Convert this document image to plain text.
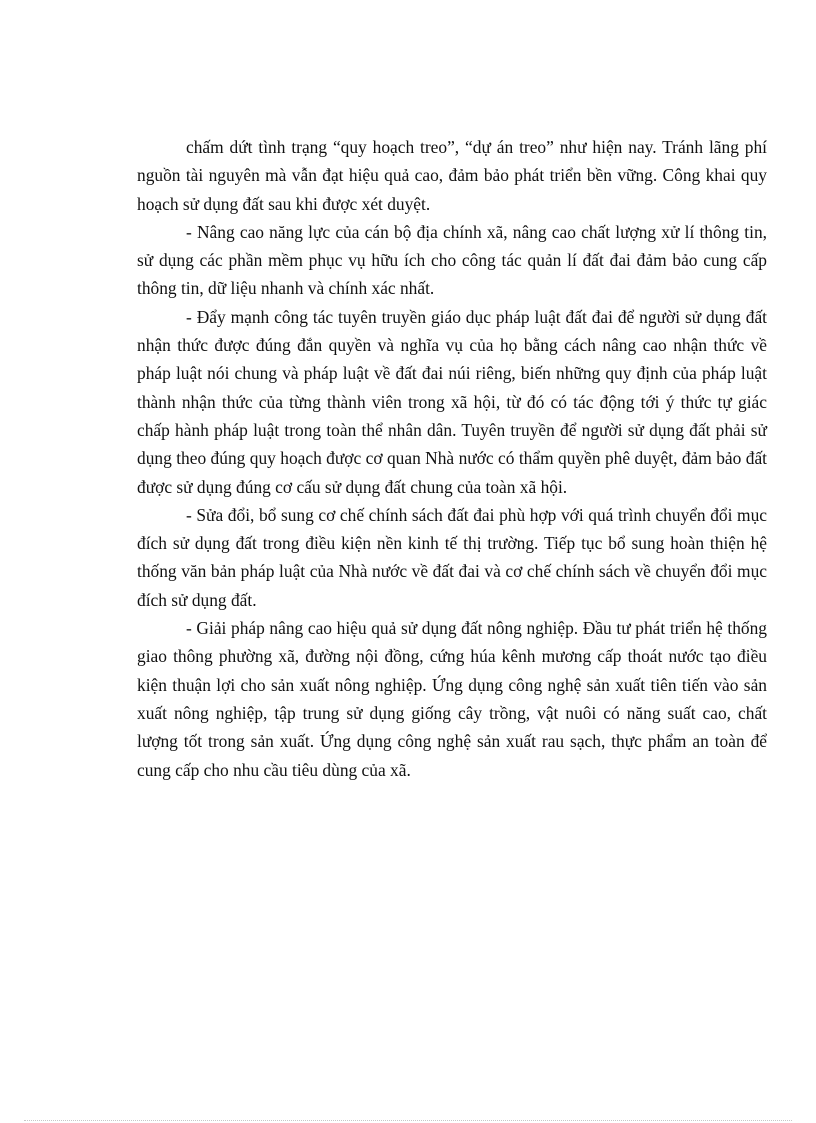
chấm dứt tình trạng “quy hoạch treo”, “dự án treo” như hiện nay. Tránh lãng phí nguồn tài nguyên mà vẫn đạt hiệu quả cao, đảm bảo phát triển bền vững. Công khai quy hoạch sử dụng đất sau khi được xét duyệt.

- Nâng cao năng lực của cán bộ địa chính xã, nâng cao chất lượng xử lí thông tin, sử dụng các phần mềm phục vụ hữu ích cho công tác quản lí đất đai đảm bảo cung cấp thông tin, dữ liệu nhanh và chính xác nhất.

- Đẩy mạnh công tác tuyên truyền giáo dục pháp luật đất đai để người sử dụng đất nhận thức được đúng đắn quyền và nghĩa vụ của họ bằng cách nâng cao nhận thức về pháp luật nói chung và pháp luật về đất đai núi riêng, biến những quy định của pháp luật thành nhận thức của từng thành viên trong xã hội, từ đó có tác động tới ý thức tự giác chấp hành pháp luật trong toàn thể nhân dân. Tuyên truyền để người sử dụng đất phải sử dụng theo đúng quy hoạch được cơ quan Nhà nước có thẩm quyền phê duyệt, đảm bảo đất được sử dụng đúng cơ cấu sử dụng đất chung của toàn xã hội.

- Sửa đổi, bổ sung cơ chế chính sách đất đai phù hợp với quá trình chuyển đổi mục đích sử dụng đất trong điều kiện nền kinh tế thị trường. Tiếp tục bổ sung hoàn thiện hệ thống văn bản pháp luật của Nhà nước về đất đai và cơ chế chính sách về chuyển đổi mục đích sử dụng đất.

- Giải pháp nâng cao hiệu quả sử dụng đất nông nghiệp. Đầu tư phát triển hệ thống giao thông phường xã, đường nội đồng, cứng húa kênh mương cấp thoát nước tạo điều kiện thuận lợi cho sản xuất nông nghiệp. Ứng dụng công nghệ sản xuất tiên tiến vào sản xuất nông nghiệp, tập trung sử dụng giống cây trồng, vật nuôi có năng suất cao, chất lượng tốt trong sản xuất. Ứng dụng công nghệ sản xuất rau sạch, thực phẩm an toàn để cung cấp cho nhu cầu tiêu dùng của xã.
